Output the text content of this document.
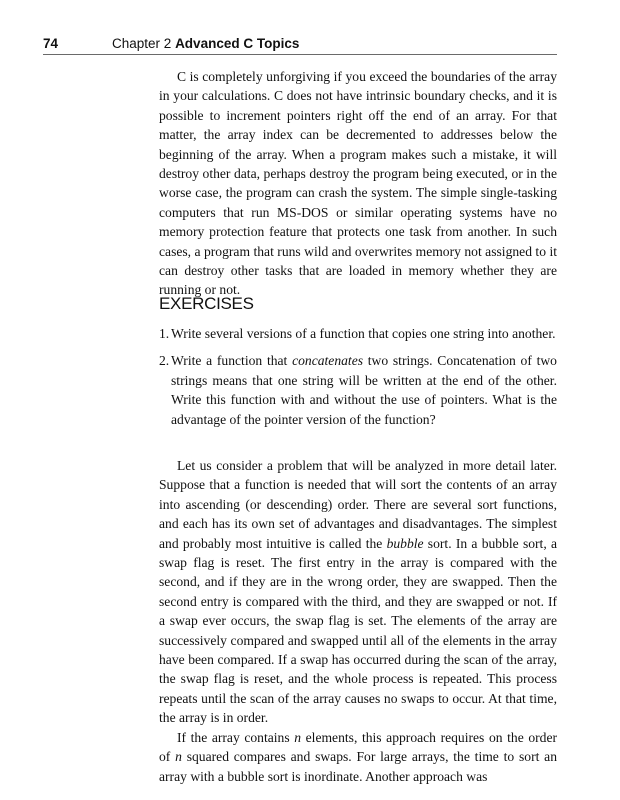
74	Chapter 2 Advanced C Topics

C is completely unforgiving if you exceed the boundaries of the array in your calculations. C does not have intrinsic boundary checks, and it is possible to increment pointers right off the end of an array. For that matter, the array index can be decremented to addresses below the beginning of the array. When a program makes such a mistake, it will destroy other data, perhaps destroy the program being executed, or in the worse case, the program can crash the system. The simple single-tasking computers that run MS-DOS or similar operating systems have no memory protection feature that protects one task from another. In such cases, a program that runs wild and overwrites memory not assigned to it can destroy other tasks that are loaded in memory whether they are running or not.

EXERCISES
1. Write several versions of a function that copies one string into another.
2. Write a function that concatenates two strings. Concatenation of two strings means that one string will be written at the end of the other. Write this function with and without the use of pointers. What is the advantage of the pointer version of the function?

Let us consider a problem that will be analyzed in more detail later. Suppose that a function is needed that will sort the contents of an array into ascending (or descending) order. There are several sort functions, and each has its own set of advantages and disadvantages. The simplest and probably most intuitive is called the bubble sort. In a bubble sort, a swap flag is reset. The first entry in the array is compared with the second, and if they are in the wrong order, they are swapped. Then the second entry is compared with the third, and they are swapped or not. If a swap ever occurs, the swap flag is set. The elements of the array are successively compared and swapped until all of the elements in the array have been compared. If a swap has occurred during the scan of the array, the swap flag is reset, and the whole process is repeated. This process repeats until the scan of the array causes no swaps to occur. At that time, the array is in order.

If the array contains n elements, this approach requires on the order of n squared compares and swaps. For large arrays, the time to sort an array with a bubble sort is inordinate. Another approach was
